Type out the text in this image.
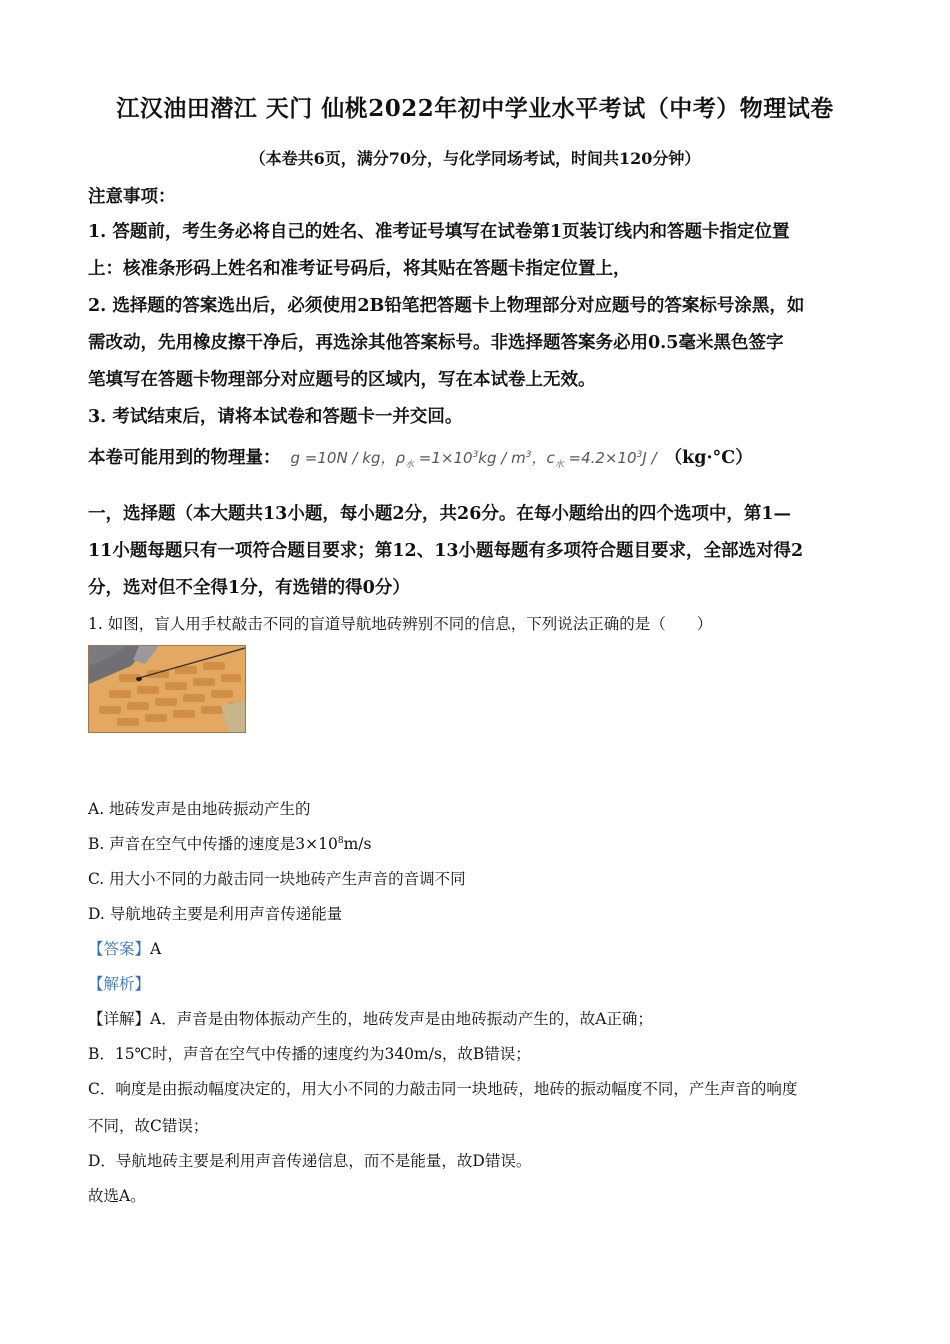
江汉油田潜江 天门 仙桃2022年初中学业水平考试（中考）物理试卷
（本卷共6页，满分70分，与化学同场考试，时间共120分钟）
注意事项：
1. 答题前，考生务必将自己的姓名、准考证号填写在试卷第1页装订线内和答题卡指定位置
上：核准条形码上姓名和准考证号码后，将其贴在答题卡指定位置上，
2. 选择题的答案选出后，必须使用2B铅笔把答题卡上物理部分对应题号的答案标号涂黑，如
需改动，先用橡皮擦干净后，再选涂其他答案标号。非选择题答案务必用0.5毫米黑色签字
笔填写在答题卡物理部分对应题号的区域内，写在本试卷上无效。
3. 考试结束后，请将本试卷和答题卡一并交回。
本卷可能用到的物理量： g =10N / kg，$\rho_水 =1\times 10^3kg / m^3$，$c_水 =4.2\times 10^3J / (kg\cdot^\circ C)$
一，选择题（本大题共13小题，每小题2分，共26分。在每小题给出的四个选项中，第1—
11小题每题只有一项符合题目要求；第12、13小题每题有多项符合题目要求，全部选对得2
分，选对但不全得1分，有选错的得0分）
1. 如图，盲人用手杖敲击不同的盲道导航地砖辨别不同的信息，下列说法正确的是（　　）
A. 地砖发声是由地砖振动产生的
B. 声音在空气中传播的速度是$3\times 10^8m/s$
C. 用大小不同的力敲击同一块地砖产生声音的音调不同
D. 导航地砖主要是利用声音传递能量
【答案】A
【解析】
【详解】A．声音是由物体振动产生的，地砖发声是由地砖振动产生的，故A正确；
B．15℃时，声音在空气中传播的速度约为340m/s，故B错误；
C．响度是由振动幅度决定的，用大小不同的力敲击同一块地砖，地砖的振动幅度不同，产生声音的响度
不同，故C错误；
D．导航地砖主要是利用声音传递信息，而不是能量，故D错误。
故选A。
